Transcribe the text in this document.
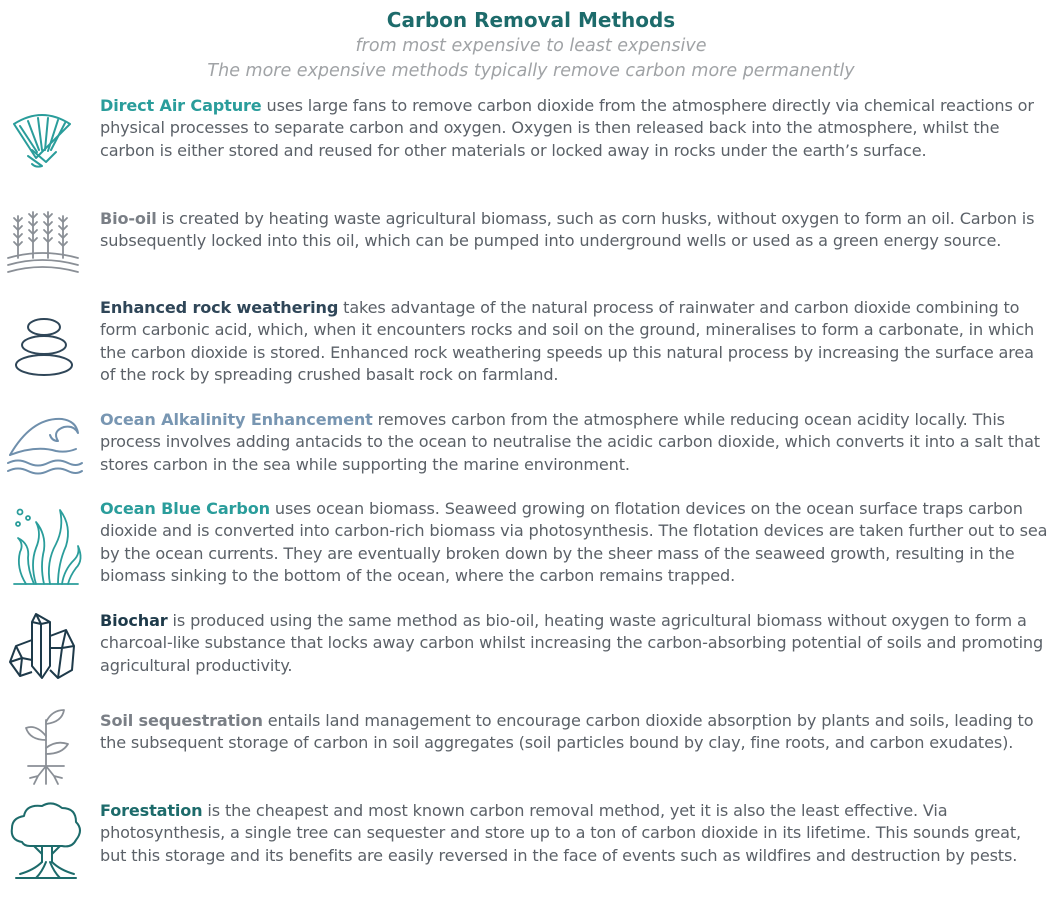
Carbon Removal Methods
from most expensive to least expensive
The more expensive methods typically remove carbon more permanently
Direct Air Capture uses large fans to remove carbon dioxide from the atmosphere directly via chemical reactions or physical processes to separate carbon and oxygen. Oxygen is then released back into the atmosphere, whilst the carbon is either stored and reused for other materials or locked away in rocks under the earth’s surface.
Bio-oil is created by heating waste agricultural biomass, such as corn husks, without oxygen to form an oil. Carbon is subsequently locked into this oil, which can be pumped into underground wells or used as a green energy source.
Enhanced rock weathering takes advantage of the natural process of rainwater and carbon dioxide combining to form carbonic acid, which, when it encounters rocks and soil on the ground, mineralises to form a carbonate, in which the carbon dioxide is stored. Enhanced rock weathering speeds up this natural process by increasing the surface area of the rock by spreading crushed basalt rock on farmland.
Ocean Alkalinity Enhancement removes carbon from the atmosphere while reducing ocean acidity locally. This process involves adding antacids to the ocean to neutralise the acidic carbon dioxide, which converts it into a salt that stores carbon in the sea while supporting the marine environment.
Ocean Blue Carbon uses ocean biomass. Seaweed growing on flotation devices on the ocean surface traps carbon dioxide and is converted into carbon-rich biomass via photosynthesis. The flotation devices are taken further out to sea by the ocean currents. They are eventually broken down by the sheer mass of the seaweed growth, resulting in the biomass sinking to the bottom of the ocean, where the carbon remains trapped.
Biochar is produced using the same method as bio-oil, heating waste agricultural biomass without oxygen to form a charcoal-like substance that locks away carbon whilst increasing the carbon-absorbing potential of soils and promoting agricultural productivity.
Soil sequestration entails land management to encourage carbon dioxide absorption by plants and soils, leading to the subsequent storage of carbon in soil aggregates (soil particles bound by clay, fine roots, and carbon exudates).
Forestation is the cheapest and most known carbon removal method, yet it is also the least effective. Via photosynthesis, a single tree can sequester and store up to a ton of carbon dioxide in its lifetime. This sounds great, but this storage and its benefits are easily reversed in the face of events such as wildfires and destruction by pests.
